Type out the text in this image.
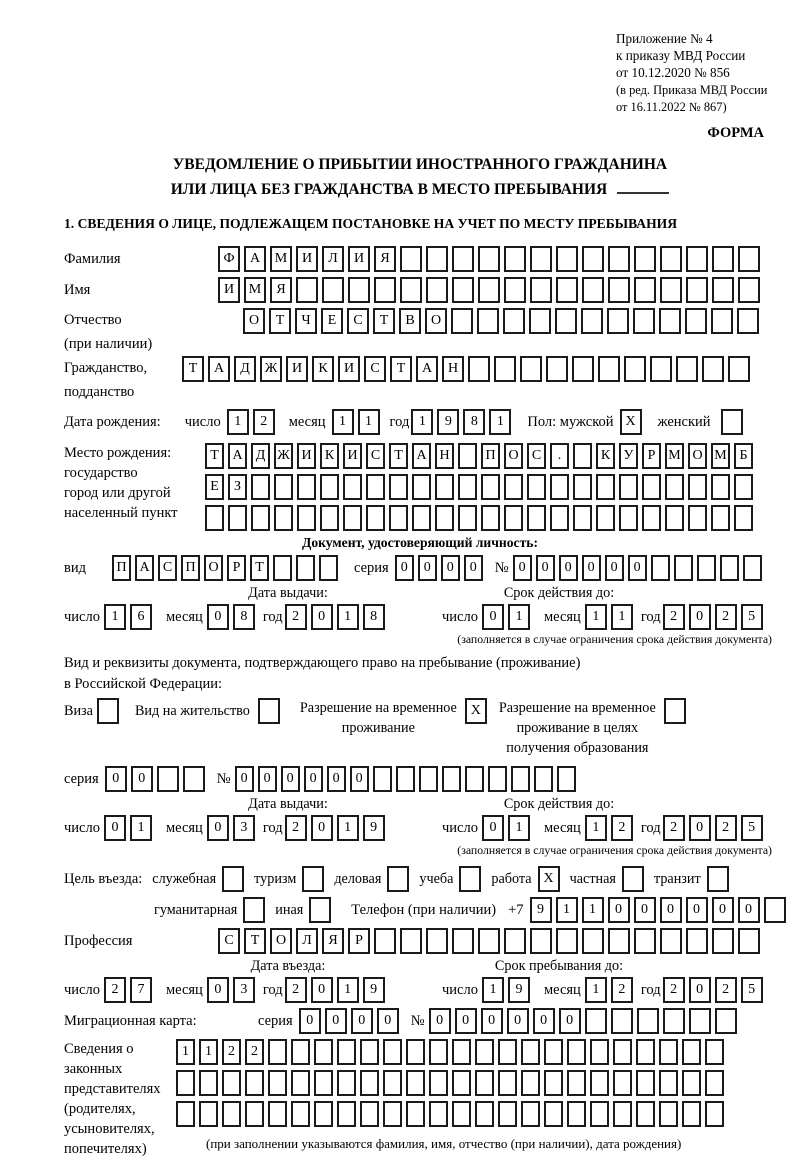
Приложение № 4
к приказу МВД России
от 10.12.2020 № 856
(в ред. Приказа МВД России
от 16.11.2022 № 867)
ФОРМА
УВЕДОМЛЕНИЕ О ПРИБЫТИИ ИНОСТРАННОГО ГРАЖДАНИНА
ИЛИ ЛИЦА БЕЗ ГРАЖДАНСТВА В МЕСТО ПРЕБЫВАНИЯ
1. СВЕДЕНИЯ О ЛИЦЕ, ПОДЛЕЖАЩЕМ ПОСТАНОВКЕ НА УЧЕТ ПО МЕСТУ ПРЕБЫВАНИЯ
Фамилия	Ф	А	М	И	Л	И	Я
Имя	И	М	Я
Отчество
(при наличии)
О	Т	Ч	Е	С	Т	В	О
Гражданство,
подданство
Т	А	Д	Ж	И	К	И	С	Т	А	Н
Дата рождения: число 1	2	месяц 1	1	год 1	9	8	1	Пол: мужской X	женский
Место рождения:
государство
город или другой
населенный пункт
Т А Д Ж И К И С	Т А Н	П О С	.	К У	Р М О М Б
Е	З
Документ, удостоверяющий личность:
вид	П А С П О	Р	Т	серия 0	0	0	0	№ 0	0	0	0	0	0
Дата выдачи:
число 1	6	месяц 0	8	год 2	0	1	8
Срок действия до:
число 0	1	месяц 1	1	год 2	0	2	5
(заполняется в случае ограничения срока действия документа)
Вид и реквизиты документа, подтверждающего право на пребывание (проживание)
в Российской Федерации:
Виза	Вид на жительство	Разрешение на временное
проживание
X	Разрешение на временное
проживание в целях
получения образования
серия 0	0	№ 0	0	0	0	0	0
Дата выдачи:
число 0	1	месяц 0	3	год 2	0	1	9
Срок действия до:
число 0	1	месяц 1	2	год 2	0	2	5
(заполняется в случае ограничения срока действия документа)
Цель въезда: служебная	туризм	деловая	учеба	работа X	частная	транзит
гуманитарная	иная	Телефон (при наличии) +7 9	1	1	0	0	0	0	0	0
Профессия	С	Т	О	Л	Я	Р
Дата въезда:
число 2	7	месяц 0	3	год 2	0	1	9
Срок пребывания до:
число 1	9	месяц 1	2	год 2	0	2	5
Миграционная карта:	серия 0	0	0	0	№ 0	0	0	0	0	0
Сведения о
законных
представителях
(родителях,
усыновителях,
попечителях)
1	1	2	2
(при заполнении указываются фамилия, имя, отчество (при наличии), дата рождения)
